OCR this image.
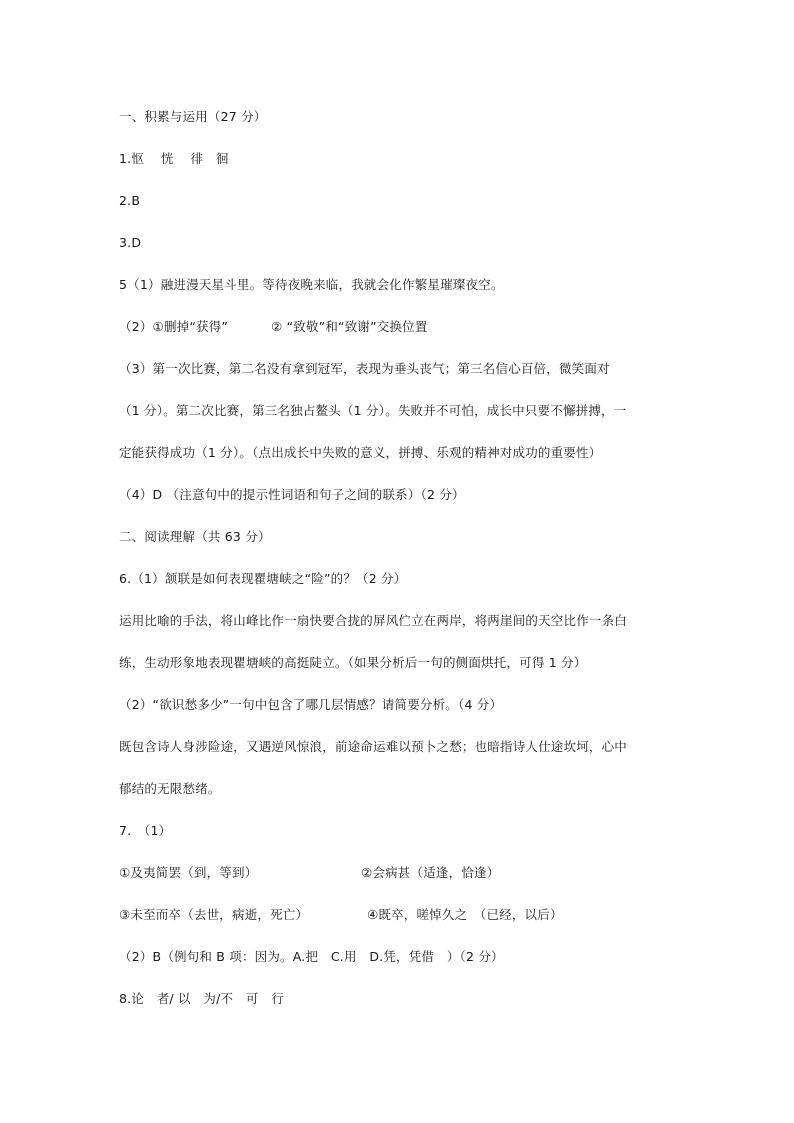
一、积累与运用（27 分）
1.怄　 恍　 徘　徊
2.B
3.D
5（1）融进漫天星斗里。等待夜晚来临，我就会化作繁星璀璨夜空。
（2）①删掉“获得”	② “致敬”和“致谢”交换位置
（3）第一次比赛，第二名没有拿到冠军，表现为垂头丧气；第三名信心百倍，微笑面对
（1 分）。第二次比赛，第三名独占鳌头（1 分）。失败并不可怕，成长中只要不懈拼搏，一
定能获得成功（1 分）。（点出成长中失败的意义，拼搏、乐观的精神对成功的重要性）
（4）D （注意句中的提示性词语和句子之间的联系）（2 分）
二、阅读理解（共 63 分）
6.（1）颔联是如何表现瞿塘峡之“险”的？（2 分）
运用比喻的手法，将山峰比作一扇快要合拢的屏风伫立在两岸，将两崖间的天空比作一条白
练，生动形象地表现瞿塘峡的高挺陡立。（如果分析后一句的侧面烘托，可得 1 分）
（2）“欲识愁多少”一句中包含了哪几层情感？请简要分析。（4 分）
既包含诗人身涉险途，又遇逆风惊浪，前途命运难以预卜之愁；也暗指诗人仕途坎坷，心中
郁结的无限愁绪。
7.　（1）
①及夷简罢（到，等到）	②会病甚（适逢，恰逢）
③未至而卒（去世，病逝，死亡）	④既卒，嗟悼久之　（已经，以后）
（2）B（例句和 B 项：因为。A.把　C.用　D.凭，凭借　）（2 分）
8.论　者/ 以　为/不　可　行
